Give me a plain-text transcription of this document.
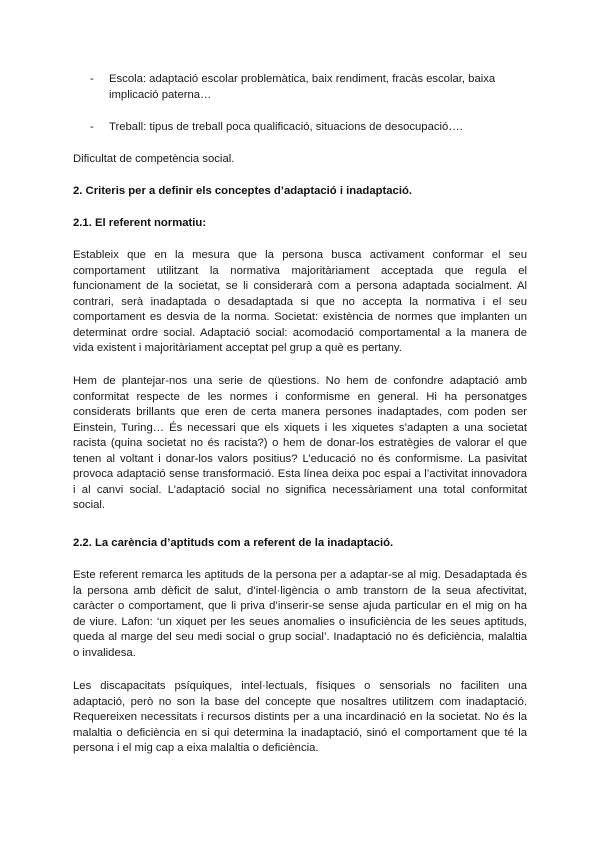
- Escola: adaptació escolar problemàtica, baix rendiment, fracàs escolar, baixa implicació paterna…
- Treball: tipus de treball poca qualificació, situacions de desocupació….
Dificultat de competència social.
2. Criteris per a definir els conceptes d’adaptació i inadaptació.
2.1. El referent normatiu:
Estableix que en la mesura que la persona busca activament conformar el seu comportament utilitzant la normativa majoritàriament acceptada que regula el funcionament de la societat, se li considerarà com a persona adaptada socialment. Al contrari, serà inadaptada o desadaptada si que no accepta la normativa i el seu comportament es desvia de la norma. Societat: existència de normes que implanten un determinat ordre social. Adaptació social: acomodació comportamental a la manera de vida existent i majoritàriament acceptat pel grup a què es pertany.
Hem de plantejar-nos una serie de qüestions. No hem de confondre adaptació amb conformitat respecte de les normes i conformisme en general. Hi ha personatges considerats brillants que eren de certa manera persones inadaptades, com poden ser Einstein, Turing… És necessari que els xiquets i les xiquetes s’adapten a una societat racista (quina societat no és racista?) o hem de donar-los estratègies de valorar el que tenen al voltant i donar-los valors positius? L’educació no és conformisme. La pasivitat provoca adaptació sense transformació. Esta línea deixa poc espai a l’activitat innovadora i al canvi social. L’adaptació social no significa necessàriament una total conformitat social.
2.2. La carència d’aptituds com a referent de la inadaptació.
Este referent remarca les aptituds de la persona per a adaptar-se al mig. Desadaptada és la persona amb dèficit de salut, d’intel·ligència o amb transtorn de la seua afectivitat, caràcter o comportament, que li priva d’inserir-se sense ajuda particular en el mig on ha de viure. Lafon: ‘un xiquet per les seues anomalies o insuficiència de les seues aptituds, queda al marge del seu medi social o grup social’. Inadaptació no és deficiència, malaltia o invalidesa.
Les discapacitats psíquiques, intel·lectuals, físiques o sensorials no faciliten una adaptació, però no son la base del concepte que nosaltres utilitzem com inadaptació. Requereixen necessitats i recursos distints per a una incardinació en la societat. No és la malaltia o deficiència en si qui determina la inadaptació, sinó el comportament que té la persona i el mig cap a eixa malaltia o deficiència.
